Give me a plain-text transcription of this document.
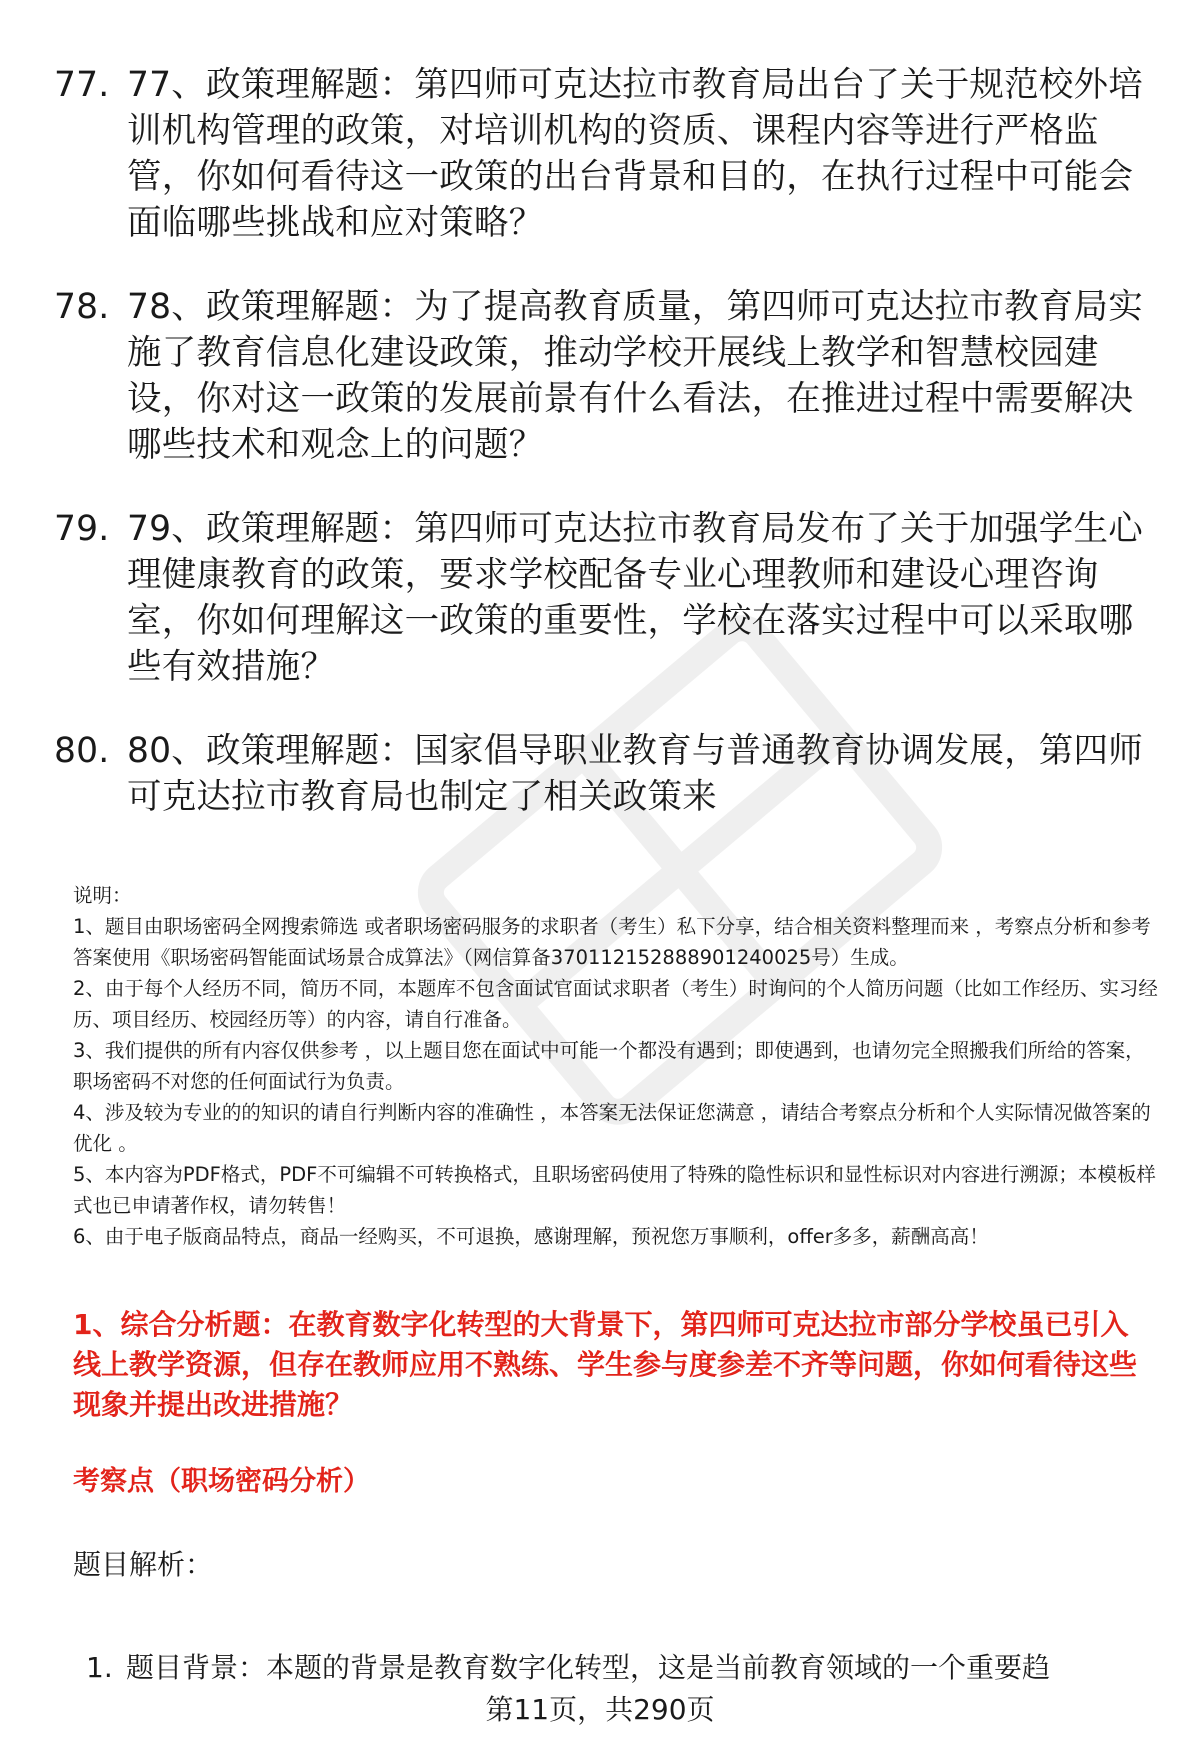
77. 77、政策理解题：第四师可克达拉市教育局出台了关于规范校外培训机构管理的政策，对培训机构的资质、课程内容等进行严格监管，你如何看待这一政策的出台背景和目的，在执行过程中可能会面临哪些挑战和应对策略？
78. 78、政策理解题：为了提高教育质量，第四师可克达拉市教育局实施了教育信息化建设政策，推动学校开展线上教学和智慧校园建设，你对这一政策的发展前景有什么看法，在推进过程中需要解决哪些技术和观念上的问题？
79. 79、政策理解题：第四师可克达拉市教育局发布了关于加强学生心理健康教育的政策，要求学校配备专业心理教师和建设心理咨询室，你如何理解这一政策的重要性，学校在落实过程中可以采取哪些有效措施？
80. 80、政策理解题：国家倡导职业教育与普通教育协调发展，第四师可克达拉市教育局也制定了相关政策来

说明：

1、题目由职场密码全网搜索筛选 或者职场密码服务的求职者（考生）私下分享，结合相关资料整理而来 ，考察点分析和参考答案使用《职场密码智能面试场景合成算法》（网信算备370112152888901240025号）生成。

2、由于每个人经历不同，简历不同，本题库不包含面试官面试求职者（考生）时询问的个人简历问题（比如工作经历、实习经历、项目经历、校园经历等）的内容，请自行准备。

3、我们提供的所有内容仅供参考 ，以上题目您在面试中可能一个都没有遇到；即使遇到，也请勿完全照搬我们所给的答案，职场密码不对您的任何面试行为负责。

4、涉及较为专业的的知识的请自行判断内容的准确性 ，本答案无法保证您满意 ，请结合考察点分析和个人实际情况做答案的优化 。

5、本内容为PDF格式，PDF不可编辑不可转换格式，且职场密码使用了特殊的隐性标识和显性标识对内容进行溯源；本模板样式也已申请著作权，请勿转售！

6、由于电子版商品特点，商品一经购买，不可退换，感谢理解，预祝您万事顺利，offer多多，薪酬高高！

1、综合分析题：在教育数字化转型的大背景下，第四师可克达拉市部分学校虽已引入线上教学资源，但存在教师应用不熟练、学生参与度参差不齐等问题，你如何看待这些现象并提出改进措施？
考察点（职场密码分析）
题目解析：
1. 题目背景：本题的背景是教育数字化转型，这是当前教育领域的一个重要趋
第11页，共290页
